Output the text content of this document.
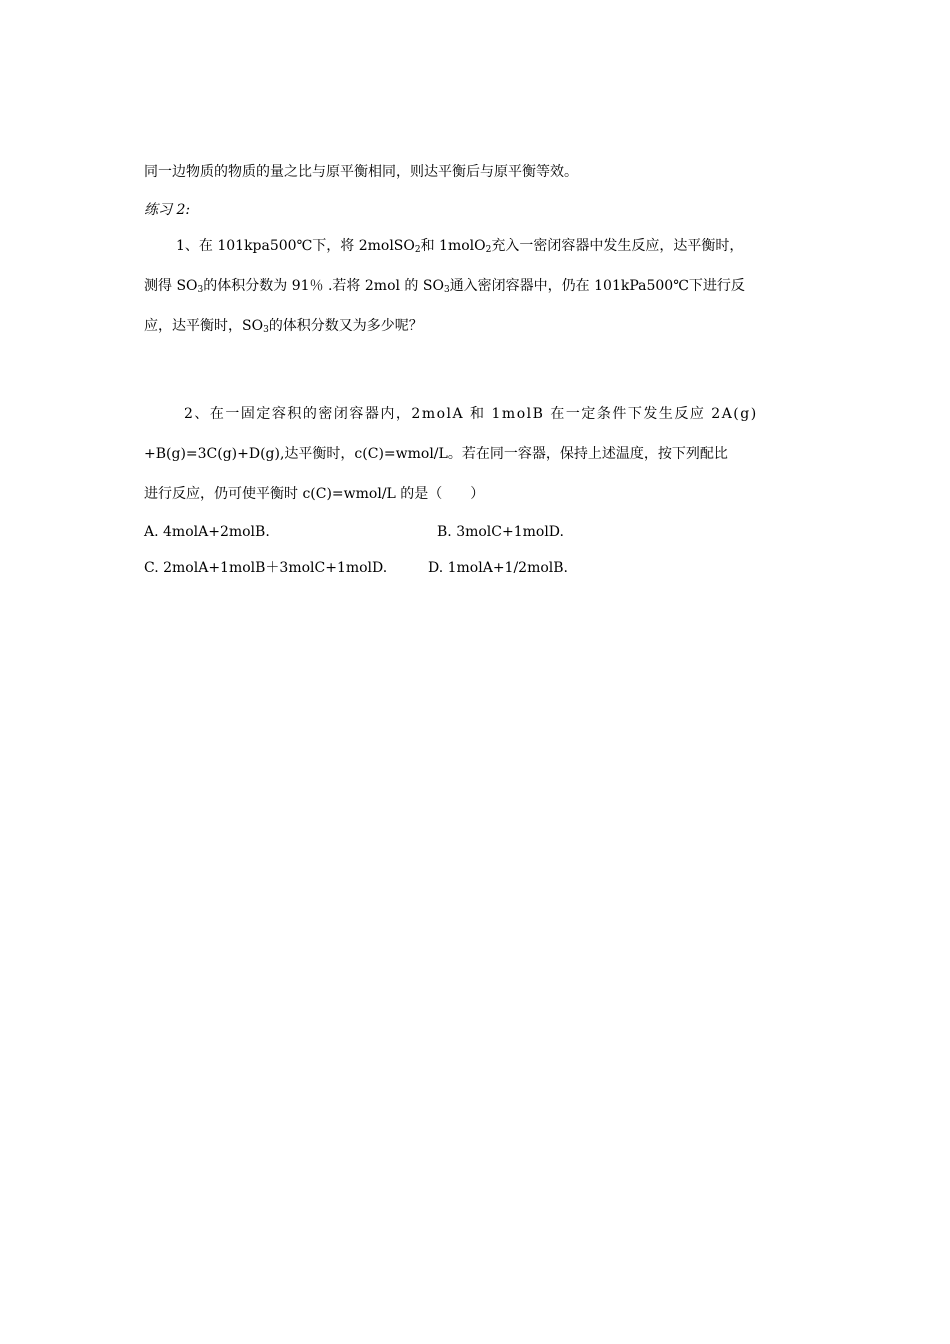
同一边物质的物质的量之比与原平衡相同，则达平衡后与原平衡等效。
练习 2:
1、在 101kpa500℃下，将 2molSO$_2$和 1molO$_2$充入一密闭容器中发生反应，达平衡时，
测得 $SO_3$的体积分数为 91％ .若将 2mol 的 $SO_3$通入密闭容器中，仍在 101kPa500℃下进行反
应，达平衡时，$SO_3$的体积分数又为多少呢？
2、在一固定容积的密闭容器内，2molA 和 1molB 在一定条件下发生反应 2A(g)
+B(g)=3C(g)+D(g),达平衡时，c(C)=wmol/L。若在同一容器，保持上述温度，按下列配比
进行反应，仍可使平衡时 c(C)=wmol/L 的是（　　）
A. 4molA+2molB.	B. 3molC+1molD.
C. 2molA+1molB＋3molC+1molD.	D. 1molA+1/2molB.
